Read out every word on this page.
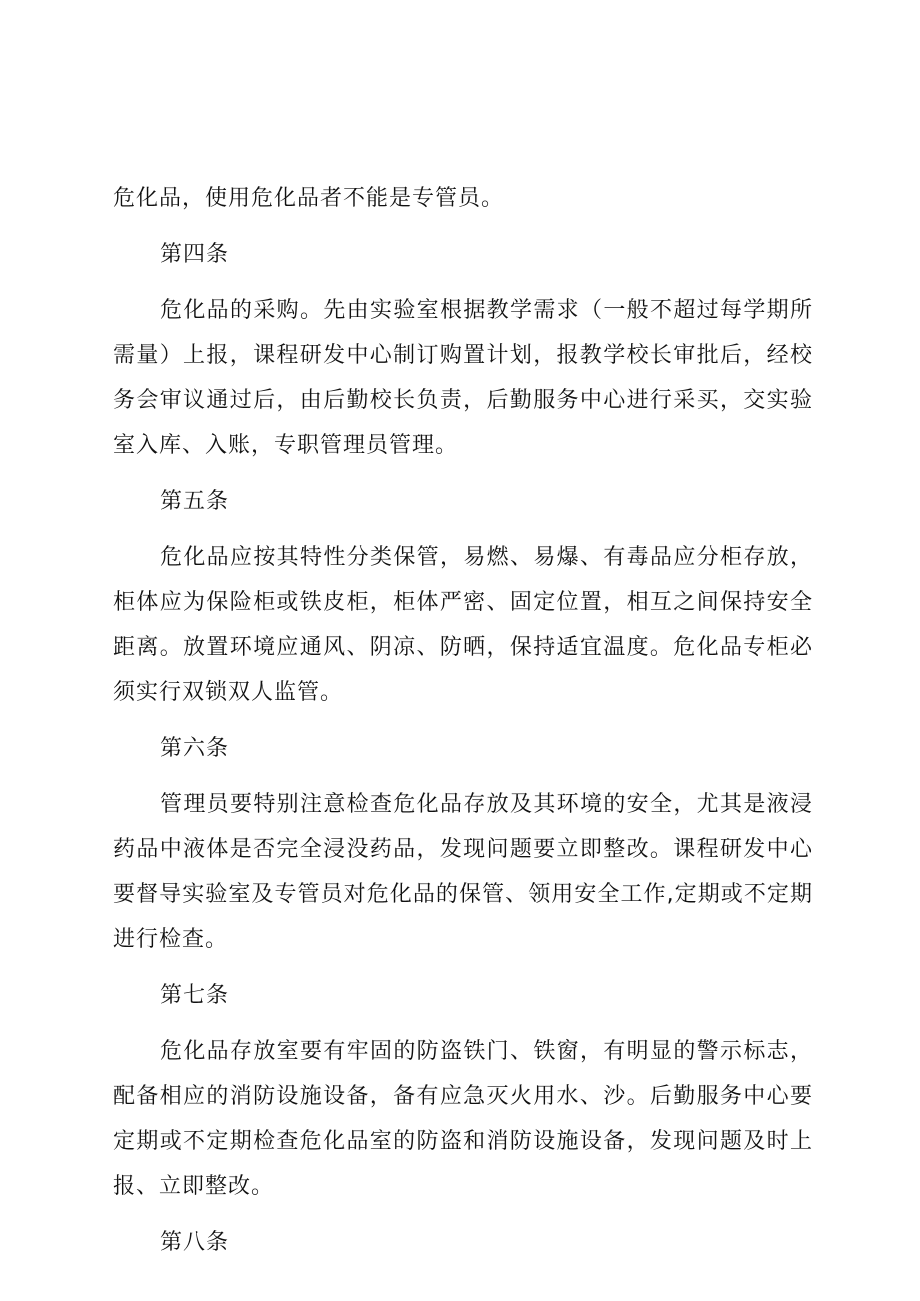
危化品，使用危化品者不能是专管员。

第四条

危化品的采购。先由实验室根据教学需求（一般不超过每学期所需量）上报，课程研发中心制订购置计划，报教学校长审批后，经校务会审议通过后，由后勤校长负责，后勤服务中心进行采买，交实验室入库、入账，专职管理员管理。

第五条

危化品应按其特性分类保管，易燃、易爆、有毒品应分柜存放，柜体应为保险柜或铁皮柜，柜体严密、固定位置，相互之间保持安全距离。放置环境应通风、阴凉、防晒，保持适宜温度。危化品专柜必须实行双锁双人监管。

第六条

管理员要特别注意检查危化品存放及其环境的安全，尤其是液浸药品中液体是否完全浸没药品，发现问题要立即整改。课程研发中心要督导实验室及专管员对危化品的保管、领用安全工作,定期或不定期进行检查。

第七条

危化品存放室要有牢固的防盗铁门、铁窗，有明显的警示标志，配备相应的消防设施设备，备有应急灭火用水、沙。后勤服务中心要定期或不定期检查危化品室的防盗和消防设施设备，发现问题及时上报、立即整改。

第八条
